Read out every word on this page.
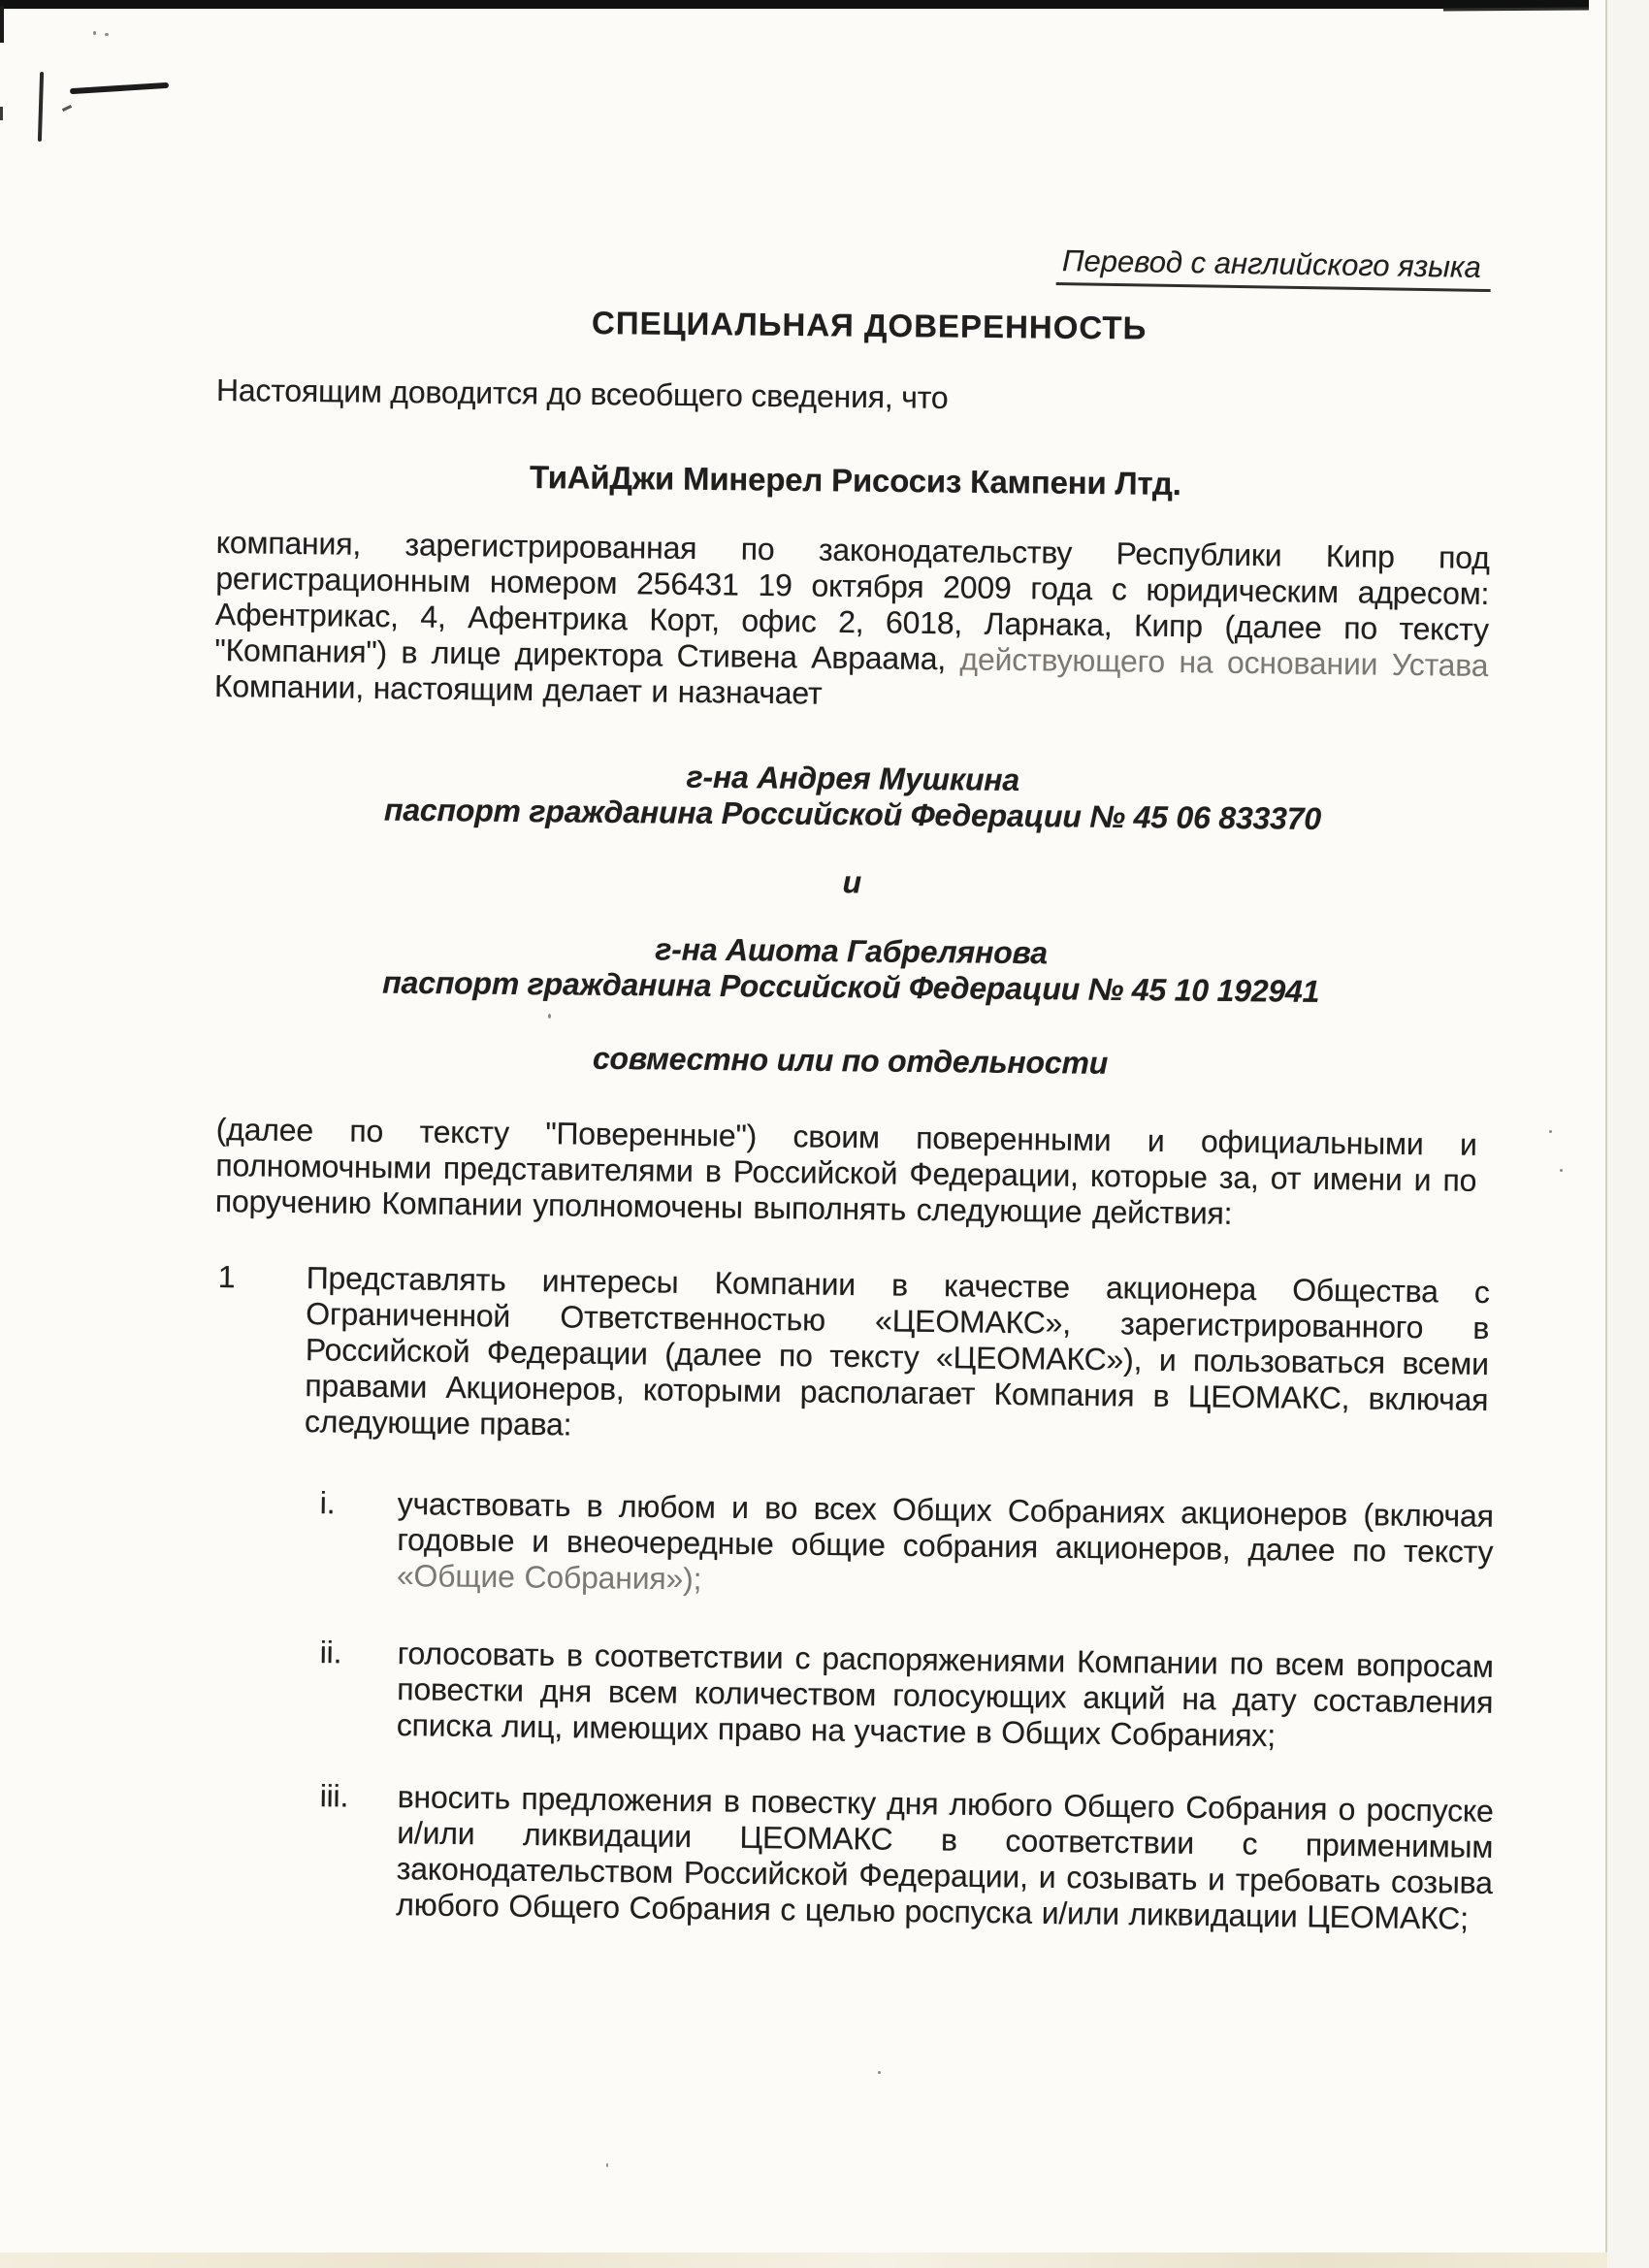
Перевод с английского языка
СПЕЦИАЛЬНАЯ ДОВЕРЕННОСТЬ
Настоящим доводится до всеобщего сведения, что
ТиАйДжи Минерел Рисосиз Кампени Лтд.
компания, зарегистрированная по законодательству Республики Кипр под регистрационным номером 256431 19 октября 2009 года с юридическим адресом: Афентрикас, 4, Афентрика Корт, офис 2, 6018, Ларнака, Кипр (далее по тексту "Компания") в лице директора Стивена Авраама, действующего на основании Устава Компании, настоящим делает и назначает
г-на Андрея Мушкина
паспорт гражданина Российской Федерации № 45 06 833370
и
г-на Ашота Габрелянова
паспорт гражданина Российской Федерации № 45 10 192941
совместно или по отдельности
(далее по тексту "Поверенные") своим поверенными и официальными и полномочными представителями в Российской Федерации, которые за, от имени и по поручению Компании уполномочены выполнять следующие действия:
1 Представлять интересы Компании в качестве акционера Общества с Ограниченной Ответственностью «ЦЕОМАКС», зарегистрированного в Российской Федерации (далее по тексту «ЦЕОМАКС»), и пользоваться всеми правами Акционеров, которыми располагает Компания в ЦЕОМАКС, включая следующие права:
i. участвовать в любом и во всех Общих Собраниях акционеров (включая годовые и внеочередные общие собрания акционеров, далее по тексту «Общие Собрания»);
ii. голосовать в соответствии с распоряжениями Компании по всем вопросам повестки дня всем количеством голосующих акций на дату составления списка лиц, имеющих право на участие в Общих Собраниях;
iii. вносить предложения в повестку дня любого Общего Собрания о роспуске и/или ликвидации ЦЕОМАКС в соответствии с применимым законодательством Российской Федерации, и созывать и требовать созыва любого Общего Собрания с целью роспуска и/или ликвидации ЦЕОМАКС;
